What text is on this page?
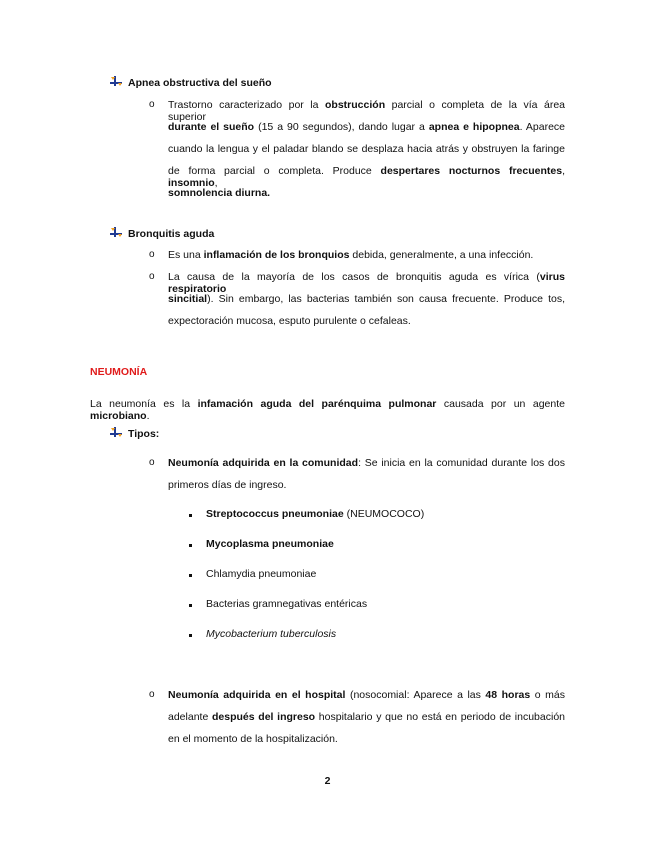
Apnea obstructiva del sueño
o Trastorno caracterizado por la obstrucción parcial o completa de la vía área superior
durante el sueño (15 a 90 segundos), dando lugar a apnea e hipopnea. Aparece
cuando la lengua y el paladar blando se desplaza hacia atrás y obstruyen la faringe
de forma parcial o completa. Produce despertares nocturnos frecuentes, insomnio,
somnolencia diurna.
Bronquitis aguda
o Es una inflamación de los bronquios debida, generalmente, a una infección.
o La causa de la mayoría de los casos de bronquitis aguda es vírica (virus respiratorio
sincitial). Sin embargo, las bacterias también son causa frecuente. Produce tos,
expectoración mucosa, esputo purulente o cefaleas.
NEUMONÍA
La neumonía es la infamación aguda del parénquima pulmonar causada por un agente microbiano.
Tipos:
o Neumonía adquirida en la comunidad: Se inicia en la comunidad durante los dos
primeros días de ingreso.
Streptococcus pneumoniae (NEUMOCOCO)
Mycoplasma pneumoniae
Chlamydia pneumoniae
Bacterias gramnegativas entéricas
Mycobacterium tuberculosis
o Neumonía adquirida en el hospital (nosocomial: Aparece a las 48 horas o más
adelante después del ingreso hospitalario y que no está en periodo de incubación
en el momento de la hospitalización.
2
